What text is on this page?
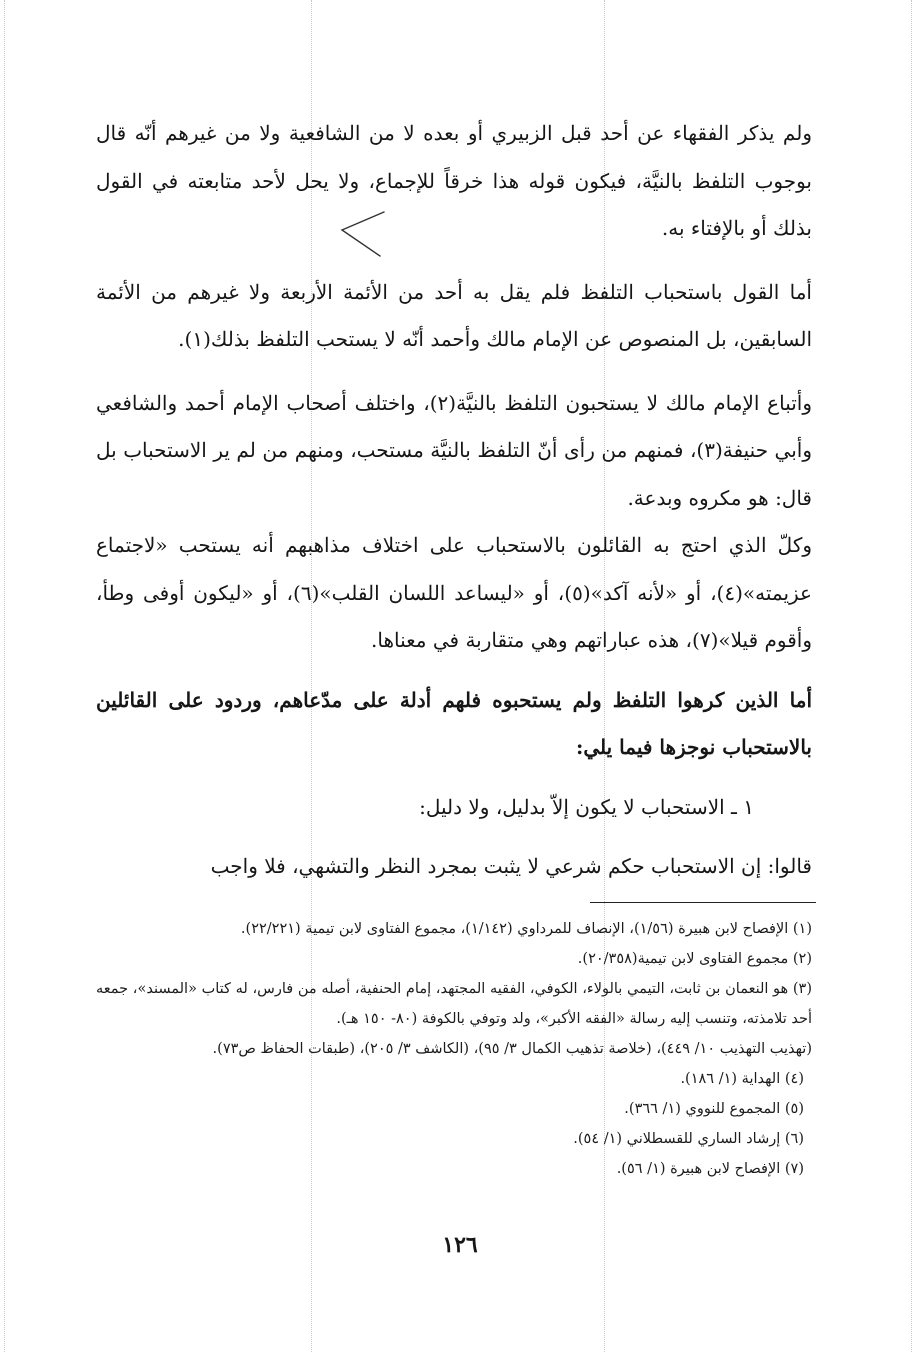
ولم يذكر الفقهاء عن أحد قبل الزبيري أو بعده لا من الشافعية ولا من غيرهم أنّه قال بوجوب التلفظ بالنيَّة، فيكون قوله هذا خرقاً للإجماع، ولا يحل لأحد متابعته في القول بذلك أو بالإفتاء به.

أما القول باستحباب التلفظ فلم يقل به أحد من الأئمة الأربعة ولا غيرهم من الأئمة السابقين، بل المنصوص عن الإمام مالك وأحمد أنّه لا يستحب التلفظ بذلك(١).

وأتباع الإمام مالك لا يستحبون التلفظ بالنيَّة(٢)، واختلف أصحاب الإمام أحمد والشافعي وأبي حنيفة(٣)، فمنهم من رأى أنّ التلفظ بالنيَّة مستحب، ومنهم من لم ير الاستحباب بل قال: هو مكروه وبدعة.

وكلّ الذي احتج به القائلون بالاستحباب على اختلاف مذاهبهم أنه يستحب «لاجتماع عزيمته»(٤)، أو «لأنه آكد»(٥)، أو «ليساعد اللسان القلب»(٦)، أو «ليكون أوفى وطأ، وأقوم قيلا»(٧)، هذه عباراتهم وهي متقاربة في معناها.

أما الذين كرهوا التلفظ ولم يستحبوه فلهم أدلة على مدّعاهم، وردود على القائلين بالاستحباب نوجزها فيما يلي:

١ ـ الاستحباب لا يكون إلاّ بدليل، ولا دليل:

قالوا: إن الاستحباب حكم شرعي لا يثبت بمجرد النظر والتشهي، فلا واجب

(١) الإفصاح لابن هبيرة (١/٥٦)، الإنصاف للمرداوي (١/١٤٢)، مجموع الفتاوى لابن تيمية (٢٢/٢٢١).

(٢) مجموع الفتاوى لابن تيمية(٢٠/٣٥٨).

(٣) هو النعمان بن ثابت، التيمي بالولاء، الكوفي، الفقيه المجتهد، إمام الحنفية، أصله من فارس، له كتاب «المسند»، جمعه أحد تلامذته، وتنسب إليه رسالة «الفقه الأكبر»، ولد وتوفي بالكوفة (٨٠- ١٥٠ هـ).

(تهذيب التهذيب ١٠/ ٤٤٩)، (خلاصة تذهيب الكمال ٣/ ٩٥)، (الكاشف ٣/ ٢٠٥)، (طبقات الحفاظ ص٧٣).

(٤) الهداية (١/ ١٨٦).

(٥) المجموع للنووي (١/ ٣٦٦).

(٦) إرشاد الساري للقسطلاني (١/ ٥٤).

(٧) الإفصاح لابن هبيرة (١/ ٥٦).

١٢٦
